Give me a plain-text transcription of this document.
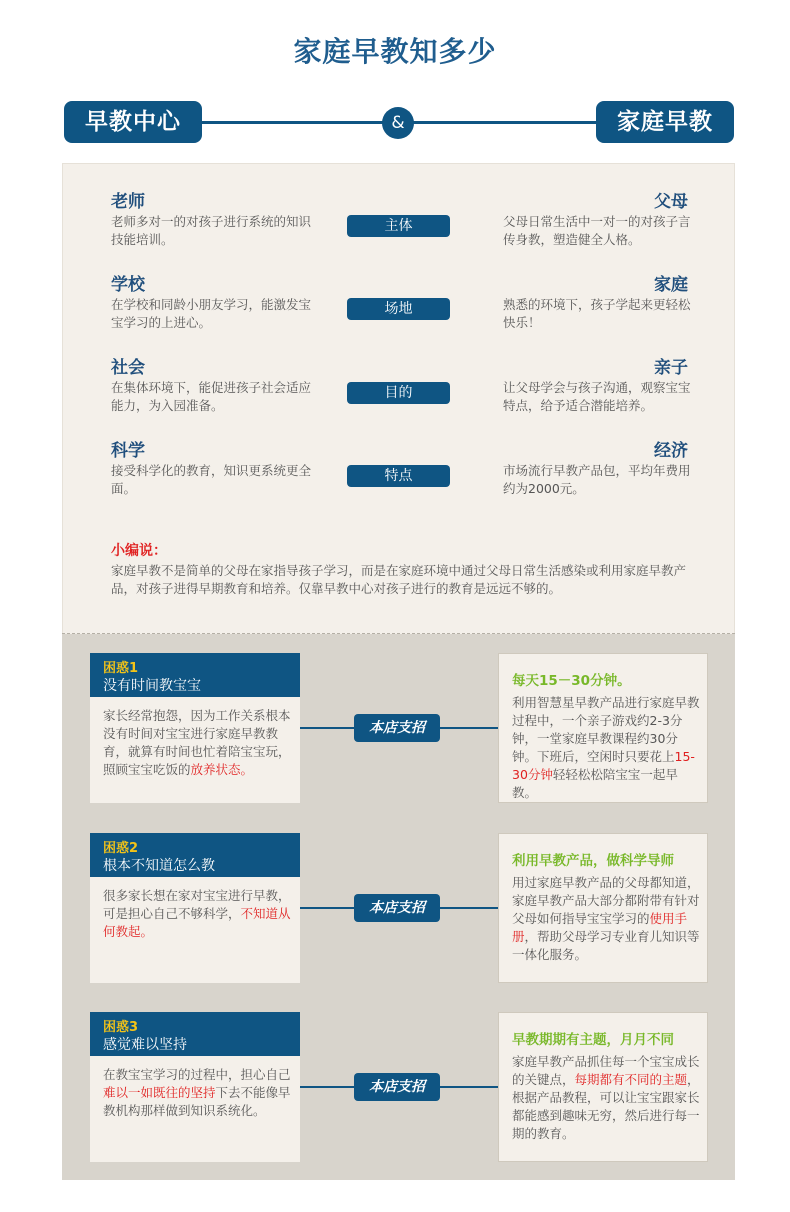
家庭早教知多少
早教中心	&	家庭早教
老师
老师多对一的对孩子进行系统的知识技能培训。
主体
父母
父母日常生活中一对一的对孩子言传身教，塑造健全人格。
学校
在学校和同龄小朋友学习，能激发宝宝学习的上进心。
场地
家庭
熟悉的环境下，孩子学起来更轻松快乐！
社会
在集体环境下，能促进孩子社会适应能力，为入园准备。
目的
亲子
让父母学会与孩子沟通，观察宝宝特点，给予适合潜能培养。
科学
接受科学化的教育，知识更系统更全面。
特点
经济
市场流行早教产品包，平均年费用约为2000元。
小编说：
家庭早教不是简单的父母在家指导孩子学习，而是在家庭环境中通过父母日常生活感染或利用家庭早教产品，对孩子进得早期教育和培养。仅靠早教中心对孩子进行的教育是远远不够的。
困惑1
没有时间教宝宝
家长经常抱怨，因为工作关系根本没有时间对宝宝进行家庭早教教育，就算有时间也忙着陪宝宝玩，照顾宝宝吃饭的放养状态。
本店支招
每天15－30分钟。
利用智慧星早教产品进行家庭早教过程中，一个亲子游戏约2-3分钟，一堂家庭早教课程约30分钟。下班后，空闲时只要花上15-30分钟轻轻松松陪宝宝一起早教。
困惑2
根本不知道怎么教
很多家长想在家对宝宝进行早教，可是担心自己不够科学，不知道从何教起。
本店支招
利用早教产品，做科学导师
用过家庭早教产品的父母都知道，家庭早教产品大部分都附带有针对父母如何指导宝宝学习的使用手册，帮助父母学习专业育儿知识等一体化服务。
困惑3
感觉难以坚持
在教宝宝学习的过程中，担心自己难以一如既往的坚持下去不能像早教机构那样做到知识系统化。
本店支招
早教期期有主题，月月不同
家庭早教产品抓住每一个宝宝成长的关键点，每期都有不同的主题，根据产品教程，可以让宝宝跟家长都能感到趣味无穷，然后进行每一期的教育。
